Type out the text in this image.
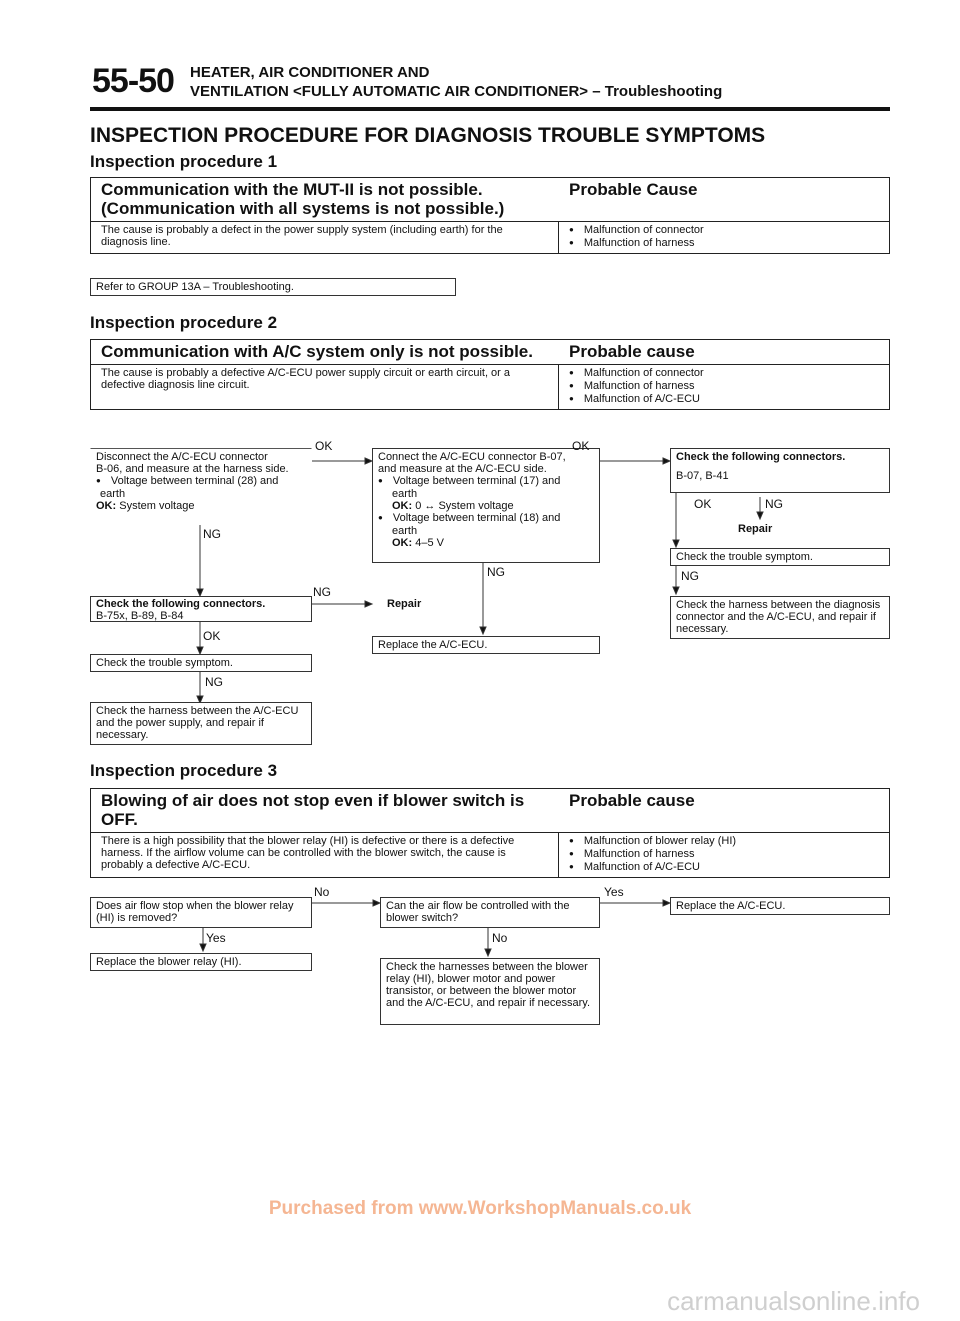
55-50 HEATER, AIR CONDITIONER AND
VENTILATION <FULLY AUTOMATIC AIR CONDITIONER> – Troubleshooting
INSPECTION PROCEDURE FOR DIAGNOSIS TROUBLE SYMPTOMS
Inspection procedure 1
Communication with the MUT-II is not possible.
(Communication with all systems is not possible.)
Probable Cause
The cause is probably a defect in the power supply system (including earth) for the diagnosis line.
● Malfunction of connector
● Malfunction of harness
Refer to GROUP 13A – Troubleshooting.
Inspection procedure 2
Communication with A/C system only is not possible.	Probable cause
The cause is probably a defective A/C-ECU power supply circuit or earth circuit, or a defective diagnosis line circuit.
● Malfunction of connector
● Malfunction of harness
● Malfunction of A/C-ECU
Disconnect the A/C-ECU connector
B-06, and measure at the harness side.
● Voltage between terminal (28) and
earth
OK: System voltage
OK
NG
Connect the A/C-ECU connector B-07,
and measure at the A/C-ECU side.
● Voltage between terminal (17) and
earth
OK: 0 ↔ System voltage
● Voltage between terminal (18) and
earth
OK: 4–5 V
OK
NG
Check the following connectors.
B-07, B-41
OK	NG
Repair
Check the trouble symptom.
NG
Check the harness between the diagnosis connector and the A/C-ECU, and repair if necessary.
Check the following connectors.
B-75x, B-89, B-84
NG
Repair
OK
Replace the A/C-ECU.
Check the trouble symptom.
NG
Check the harness between the A/C-ECU and the power supply, and repair if necessary.
Inspection procedure 3
Blowing of air does not stop even if blower switch is OFF.
Probable cause
There is a high possibility that the blower relay (HI) is defective or there is a defective harness. If the airflow volume can be controlled with the blower switch, the cause is probably a defective A/C-ECU.
● Malfunction of blower relay (HI)
● Malfunction of harness
● Malfunction of A/C-ECU
Does air flow stop when the blower relay (HI) is removed?
No
Yes
Can the air flow be controlled with the blower switch?
Yes
No
Replace the A/C-ECU.
Replace the blower relay (HI).	Check the harnesses between the blower relay (HI), blower motor and power transistor, or between the blower motor and the A/C-ECU, and repair if necessary.
Purchased from www.WorkshopManuals.co.uk
carmanualsonline.info
